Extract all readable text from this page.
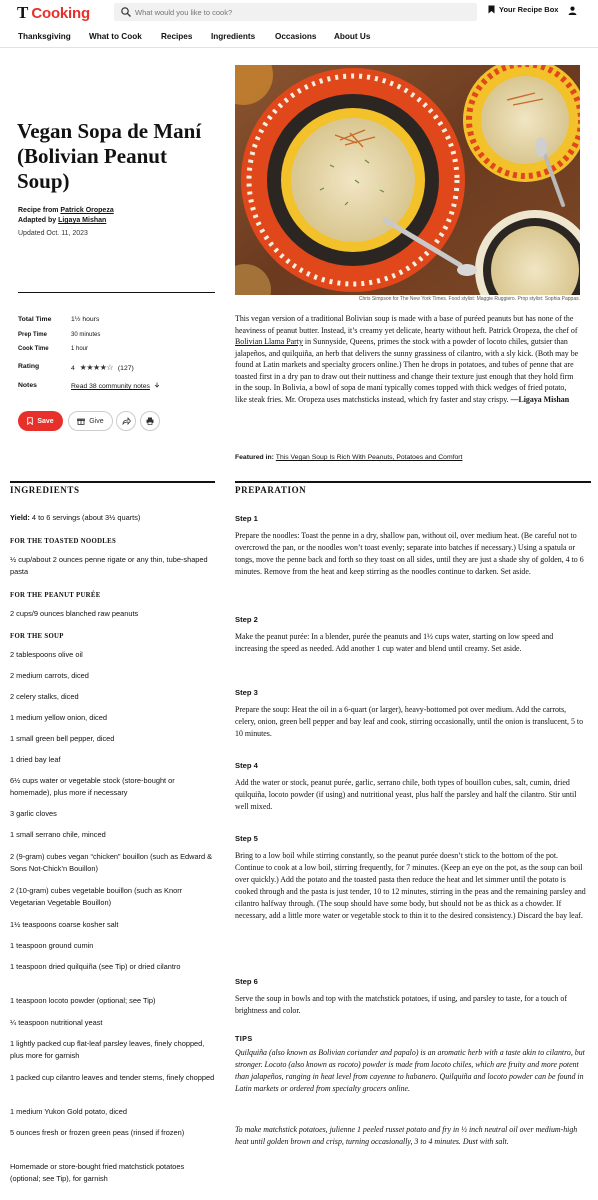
T Cooking
What would you like to cook?	Your Recipe Box
Thanksgiving What to Cook Recipes Ingredients Occasions About Us
Vegan Sopa de Maní (Bolivian Peanut Soup)
Recipe from Patrick Oropeza
Adapted by Ligaya Mishan
Updated Oct. 11, 2023
Total Time	1½ hours
Prep Time	30 minutes
Cook Time	1 hour
Rating	4 ★★★★☆ (127)
Notes	Read 38 community notes
Save	Give
Chris Simpson for The New York Times. Food stylist: Maggie Ruggiero. Prop stylist: Sophia Pappas.

This vegan version of a traditional Bolivian soup is made with a base of puréed peanuts but has none of the heaviness of peanut butter. Instead, it’s creamy yet delicate, hearty without heft. Patrick Oropeza, the chef of Bolivian Llama Party in Sunnyside, Queens, primes the stock with a powder of locoto chiles, gutsier than jalapeños, and quilquiña, an herb that delivers the sunny grassiness of cilantro, with a sly kick. (Both may be found at Latin markets and specialty grocers online.) Then he drops in potatoes, and tubes of penne that are toasted first in a dry pan to draw out their nuttiness and change their texture just enough that they hold firm in the soup. In Bolivia, a bowl of sopa de maní typically comes topped with thick wedges of fried potato, like steak fries. Mr. Oropeza uses matchsticks instead, which fry faster and stay crispy. —Ligaya Mishan

Featured in: This Vegan Soup Is Rich With Peanuts, Potatoes and Comfort
INGREDIENTS
Yield: 4 to 6 servings (about 3½ quarts)
FOR THE TOASTED NOODLES
½ cup/about 2 ounces penne rigate or any thin, tube-shaped pasta
FOR THE PEANUT PURÉE
2 cups/9 ounces blanched raw peanuts
FOR THE SOUP
2 tablespoons olive oil
2 medium carrots, diced
2 celery stalks, diced
1 medium yellow onion, diced
1 small green bell pepper, diced
1 dried bay leaf
6½ cups water or vegetable stock (store-bought or homemade), plus more if necessary
3 garlic cloves
1 small serrano chile, minced
2 (9-gram) cubes vegan “chicken” bouillon (such as Edward & Sons Not-Chick’n Bouillon)
2 (10-gram) cubes vegetable bouillon (such as Knorr Vegetarian Vegetable Bouillon)
1½ teaspoons coarse kosher salt
1 teaspoon ground cumin
1 teaspoon dried quilquiña (see Tip) or dried cilantro
1 teaspoon locoto powder (optional; see Tip)
¼ teaspoon nutritional yeast
1 lightly packed cup flat-leaf parsley leaves, finely chopped, plus more for garnish
1 packed cup cilantro leaves and tender stems, finely chopped
1 medium Yukon Gold potato, diced
5 ounces fresh or frozen green peas (rinsed if frozen)
Homemade or store-bought fried matchstick potatoes (optional; see Tip), for garnish
PREPARATION
Step 1
Prepare the noodles: Toast the penne in a dry, shallow pan, without oil, over medium heat. (Be careful not to overcrowd the pan, or the noodles won’t toast evenly; separate into batches if necessary.) Using a spatula or tongs, move the penne back and forth so they toast on all sides, until they are just a shade shy of golden, 4 to 6 minutes. Remove from the heat and keep stirring as the noodles continue to darken. Set aside.
Step 2
Make the peanut purée: In a blender, purée the peanuts and 1½ cups water, starting on low speed and increasing the speed as needed. Add another 1 cup water and blend until creamy. Set aside.
Step 3
Prepare the soup: Heat the oil in a 6-quart (or larger), heavy-bottomed pot over medium. Add the carrots, celery, onion, green bell pepper and bay leaf and cook, stirring occasionally, until the onion is translucent, 5 to 10 minutes.
Step 4
Add the water or stock, peanut purée, garlic, serrano chile, both types of bouillon cubes, salt, cumin, dried quilquiña, locoto powder (if using) and nutritional yeast, plus half the parsley and half the cilantro. Stir until well mixed.
Step 5
Bring to a low boil while stirring constantly, so the peanut purée doesn’t stick to the bottom of the pot. Continue to cook at a low boil, stirring frequently, for 7 minutes. (Keep an eye on the pot, as the soup can boil over quickly.) Add the potato and the toasted pasta then reduce the heat and let simmer until the potato is cooked through and the pasta is just tender, 10 to 12 minutes, stirring in the peas and the remaining parsley and cilantro halfway through. (The soup should have some body, but should not be as thick as a chowder. If necessary, add a little more water or vegetable stock to thin it to the desired consistency.) Discard the bay leaf.
Step 6
Serve the soup in bowls and top with the matchstick potatoes, if using, and parsley to taste, for a touch of brightness and color.
TIPS
Quilquiña (also known as Bolivian coriander and papalo) is an aromatic herb with a taste akin to cilantro, but stronger. Locoto (also known as rocoto) powder is made from locoto chiles, which are fruity and more potent than jalapeños, ranging in heat level from cayenne to habanero. Quilquiña and locoto powder can be found in Latin markets or ordered from specialty grocers online.
To make matchstick potatoes, julienne 1 peeled russet potato and fry in ½ inch neutral oil over medium-high heat until golden brown and crisp, turning occasionally, 3 to 4 minutes. Dust with salt.
